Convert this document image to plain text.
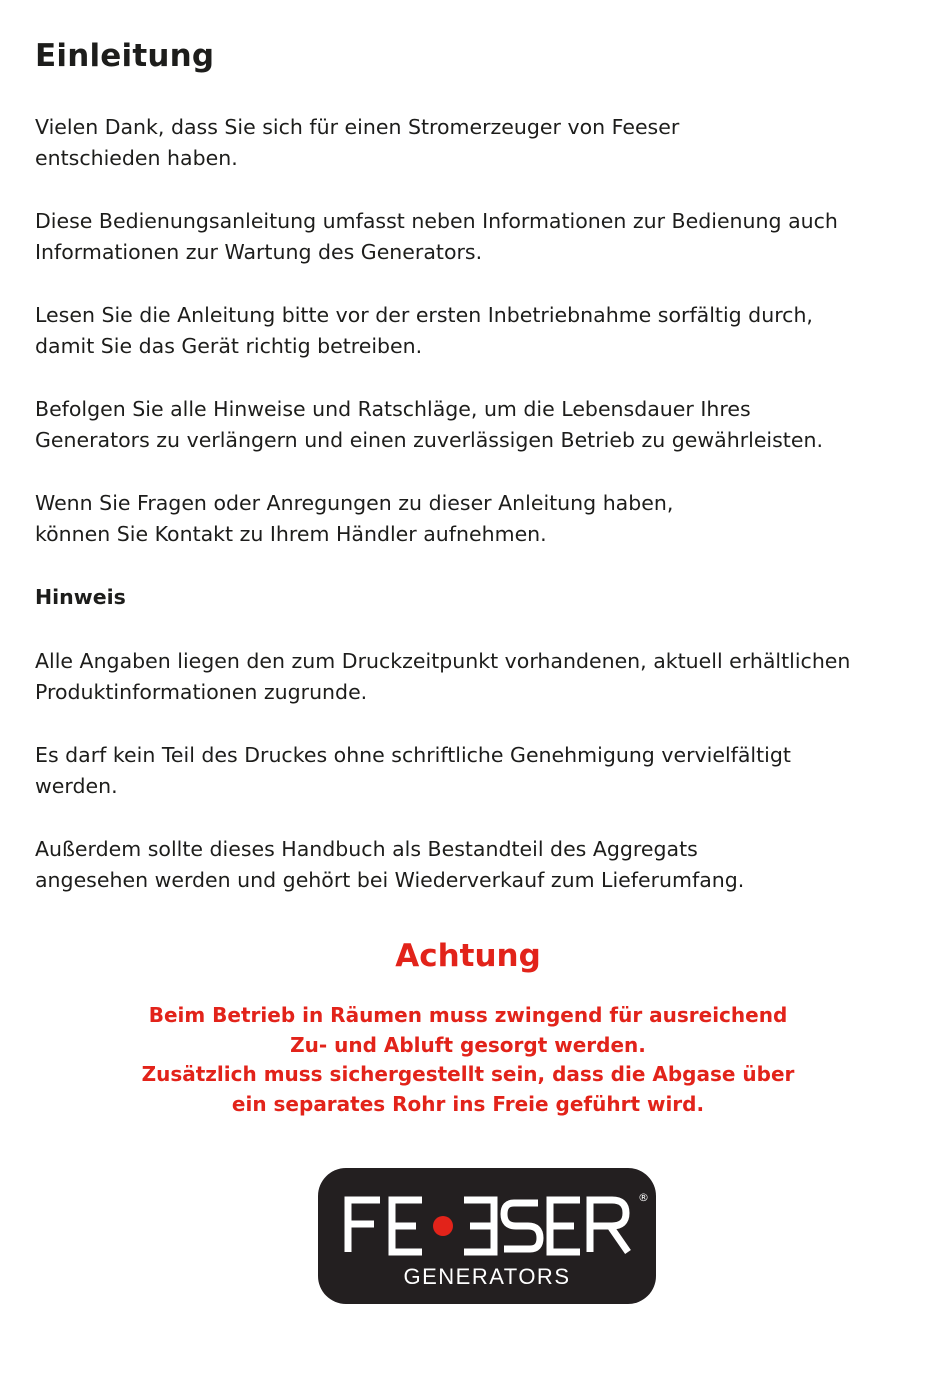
Einleitung

Vielen Dank, dass Sie sich für einen Stromerzeuger von Feeser
entschieden haben.

Diese Bedienungsanleitung umfasst neben Informationen zur Bedienung auch
Informationen zur Wartung des Generators.

Lesen Sie die Anleitung bitte vor der ersten Inbetriebnahme sorfältig durch,
damit Sie das Gerät richtig betreiben.

Befolgen Sie alle Hinweise und Ratschläge, um die Lebensdauer Ihres
Generators zu verlängern und einen zuverlässigen Betrieb zu gewährleisten.

Wenn Sie Fragen oder Anregungen zu dieser Anleitung haben,
können Sie Kontakt zu Ihrem Händler aufnehmen.

Hinweis

Alle Angaben liegen den zum Druckzeitpunkt vorhandenen, aktuell erhältlichen
Produktinformationen zugrunde.

Es darf kein Teil des Druckes ohne schriftliche Genehmigung vervielfältigt
werden.

Außerdem sollte dieses Handbuch als Bestandteil des Aggregats
angesehen werden und gehört bei Wiederverkauf zum Lieferumfang.

Achtung

Beim Betrieb in Räumen muss zwingend für ausreichend
Zu- und Abluft gesorgt werden.
Zusätzlich muss sichergestellt sein, dass die Abgase über
ein separates Rohr ins Freie geführt wird.

®
GENERATORS
